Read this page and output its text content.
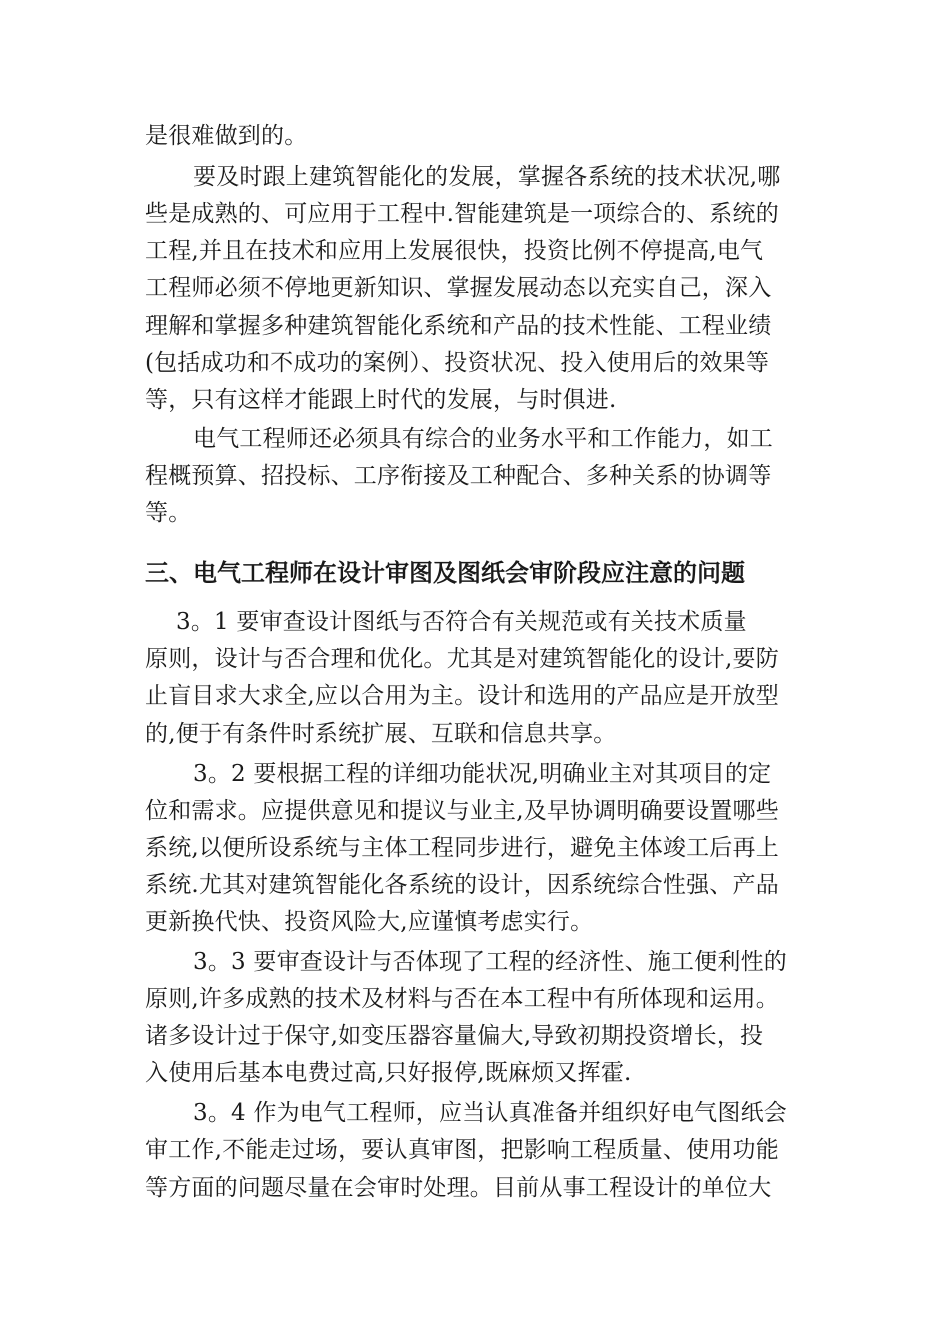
是很难做到的。
要及时跟上建筑智能化的发展，掌握各系统的技术状况,哪
些是成熟的、可应用于工程中.智能建筑是一项综合的、系统的
工程,并且在技术和应用上发展很快，投资比例不停提高,电气
工程师必须不停地更新知识、掌握发展动态以充实自己，深入
理解和掌握多种建筑智能化系统和产品的技术性能、工程业绩
(包括成功和不成功的案例）、投资状况、投入使用后的效果等
等，只有这样才能跟上时代的发展，与时俱进.
电气工程师还必须具有综合的业务水平和工作能力，如工
程概预算、招投标、工序衔接及工种配合、多种关系的协调等
等。
三、电气工程师在设计审图及图纸会审阶段应注意的问题
3。1 要审查设计图纸与否符合有关规范或有关技术质量
原则，设计与否合理和优化。尤其是对建筑智能化的设计,要防
止盲目求大求全,应以合用为主。设计和选用的产品应是开放型
的,便于有条件时系统扩展、互联和信息共享。
3。2 要根据工程的详细功能状况,明确业主对其项目的定
位和需求。应提供意见和提议与业主,及早协调明确要设置哪些
系统,以便所设系统与主体工程同步进行，避免主体竣工后再上
系统.尤其对建筑智能化各系统的设计，因系统综合性强、产品
更新换代快、投资风险大,应谨慎考虑实行。
3。3 要审查设计与否体现了工程的经济性、施工便利性的
原则,许多成熟的技术及材料与否在本工程中有所体现和运用。
诸多设计过于保守,如变压器容量偏大,导致初期投资增长，投
入使用后基本电费过高,只好报停,既麻烦又挥霍.
3。4 作为电气工程师，应当认真准备并组织好电气图纸会
审工作,不能走过场，要认真审图，把影响工程质量、使用功能
等方面的问题尽量在会审时处理。目前从事工程设计的单位大
